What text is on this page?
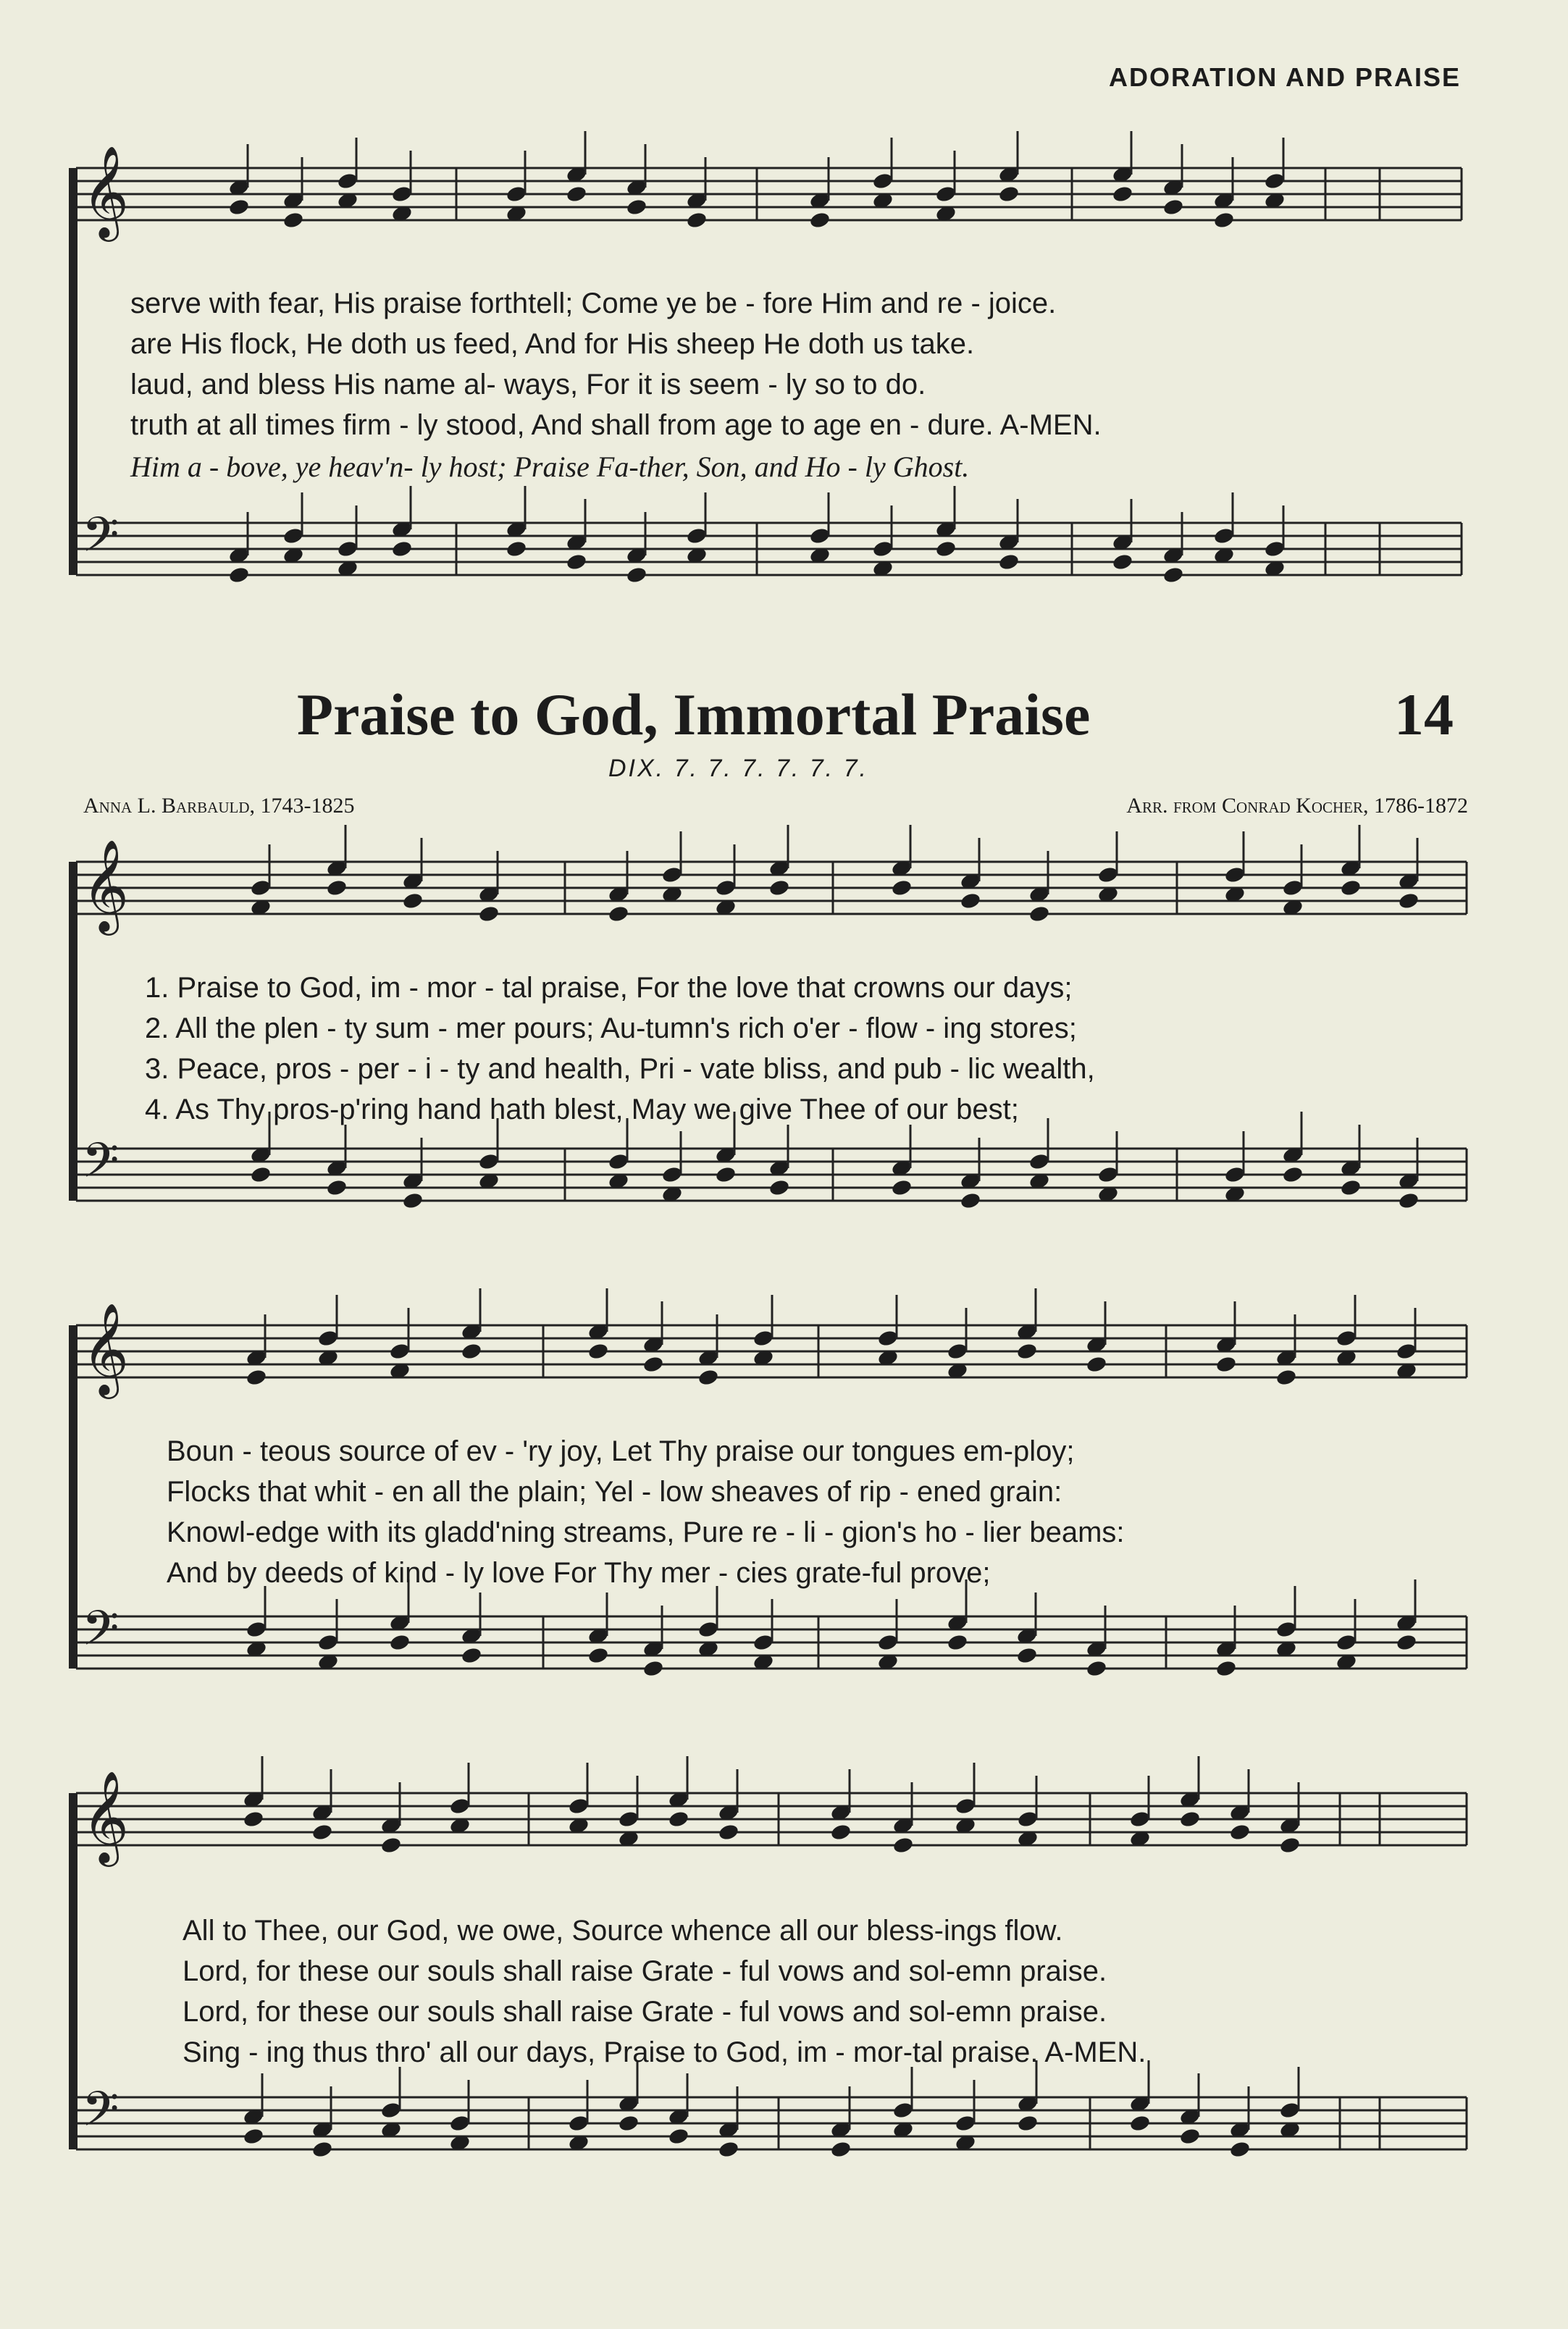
𝄞
𝄢
𝄞
𝄢
𝄞
𝄢
𝄞
𝄢
ADORATION AND PRAISE
serve with fear, His praise forthtell; Come ye be - fore Him and re - joice.
are His flock, He doth us feed, And for His sheep He doth us take.
laud, and bless His name al- ways, For it is seem - ly so to do.
truth at all times firm - ly stood, And shall from age to age en - dure. A-MEN.
Him a - bove, ye heav'n- ly host; Praise Fa-ther, Son, and Ho - ly Ghost.
Praise to God, Immortal Praise	14
DIX. 7. 7. 7. 7. 7. 7.
Anna L. Barbauld, 1743-1825	Arr. from Conrad Kocher, 1786-1872
1. Praise to God, im - mor - tal praise, For the love that crowns our days;
2. All the plen - ty sum - mer pours; Au-tumn's rich o'er - flow - ing stores;
3. Peace, pros - per - i - ty and health, Pri - vate bliss, and pub - lic wealth,
4. As Thy pros-p'ring hand hath blest, May we give Thee of our best;
Boun - teous source of ev - 'ry joy, Let Thy praise our tongues em-ploy;
Flocks that whit - en all the plain; Yel - low sheaves of rip - ened grain:
Knowl-edge with its gladd'ning streams, Pure re - li - gion's ho - lier beams:
And by deeds of kind - ly love For Thy mer - cies grate-ful prove;
All to Thee, our God, we owe, Source whence all our bless-ings flow.
Lord, for these our souls shall raise Grate - ful vows and sol-emn praise.
Lord, for these our souls shall raise Grate - ful vows and sol-emn praise.
Sing - ing thus thro' all our days, Praise to God, im - mor-tal praise. A-MEN.
